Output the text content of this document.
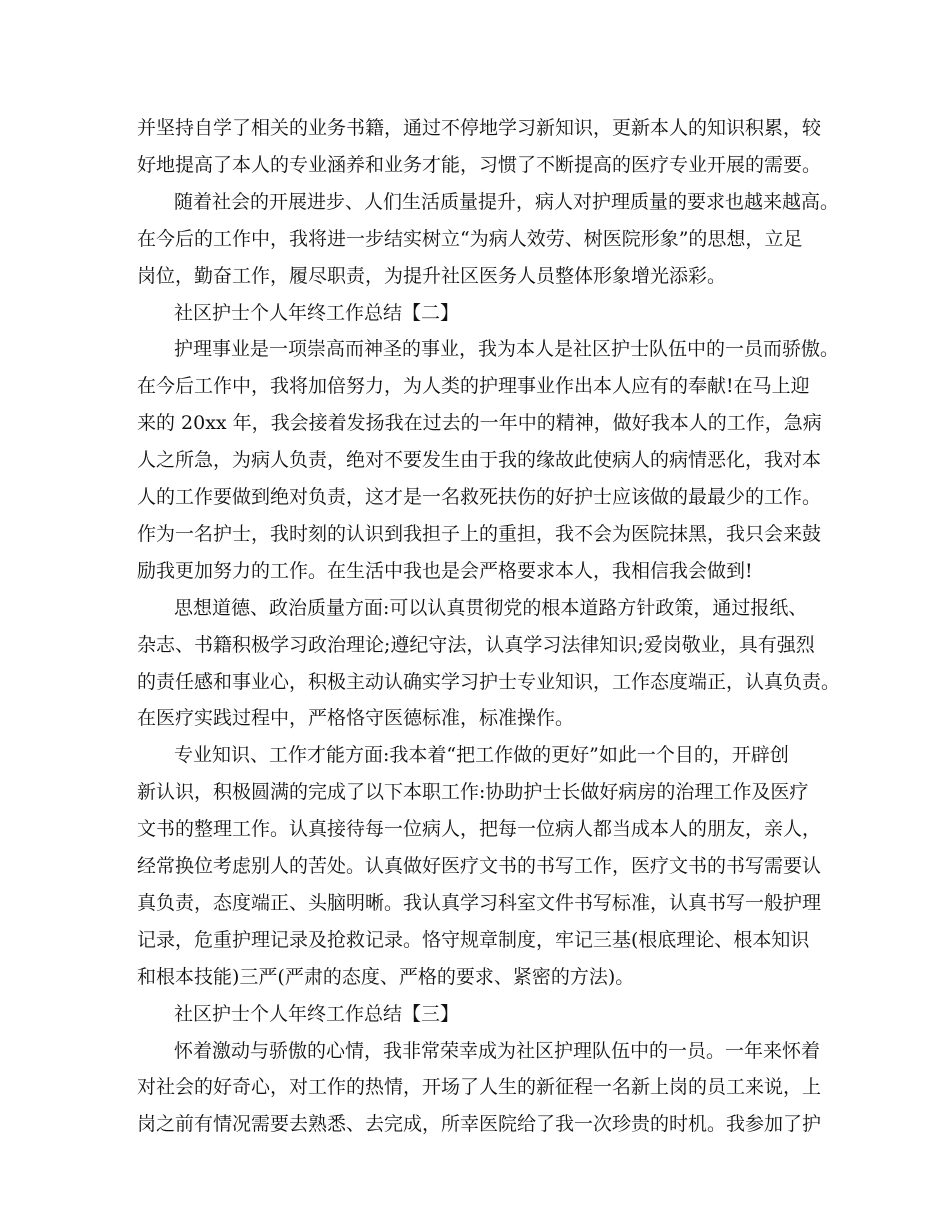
并坚持自学了相关的业务书籍，通过不停地学习新知识，更新本人的知识积累，较

好地提高了本人的专业涵养和业务才能，习惯了不断提高的医疗专业开展的需要。

随着社会的开展进步、人们生活质量提升，病人对护理质量的要求也越来越高。

在今后的工作中，我将进一步结实树立“为病人效劳、树医院形象”的思想，立足

岗位，勤奋工作，履尽职责，为提升社区医务人员整体形象增光添彩。

社区护士个人年终工作总结【二】

护理事业是一项崇高而神圣的事业，我为本人是社区护士队伍中的一员而骄傲。

在今后工作中，我将加倍努力，为人类的护理事业作出本人应有的奉献!在马上迎

来的 20xx 年，我会接着发扬我在过去的一年中的精神，做好我本人的工作，急病

人之所急，为病人负责，绝对不要发生由于我的缘故此使病人的病情恶化，我对本

人的工作要做到绝对负责，这才是一名救死扶伤的好护士应该做的最最少的工作。

作为一名护士，我时刻的认识到我担子上的重担，我不会为医院抹黑，我只会来鼓

励我更加努力的工作。在生活中我也是会严格要求本人，我相信我会做到!

思想道德、政治质量方面:可以认真贯彻党的根本道路方针政策，通过报纸、

杂志、书籍积极学习政治理论;遵纪守法，认真学习法律知识;爱岗敬业，具有强烈

的责任感和事业心，积极主动认确实学习护士专业知识，工作态度端正，认真负责。

在医疗实践过程中，严格恪守医德标准，标准操作。

专业知识、工作才能方面:我本着“把工作做的更好”如此一个目的，开辟创

新认识，积极圆满的完成了以下本职工作:协助护士长做好病房的治理工作及医疗

文书的整理工作。认真接待每一位病人，把每一位病人都当成本人的朋友，亲人，

经常换位考虑别人的苦处。认真做好医疗文书的书写工作，医疗文书的书写需要认

真负责，态度端正、头脑明晰。我认真学习科室文件书写标准，认真书写一般护理

记录，危重护理记录及抢救记录。恪守规章制度，牢记三基(根底理论、根本知识

和根本技能)三严(严肃的态度、严格的要求、紧密的方法)。

社区护士个人年终工作总结【三】

怀着激动与骄傲的心情，我非常荣幸成为社区护理队伍中的一员。一年来怀着

对社会的好奇心，对工作的热情，开场了人生的新征程一名新上岗的员工来说，上

岗之前有情况需要去熟悉、去完成，所幸医院给了我一次珍贵的时机。我参加了护
